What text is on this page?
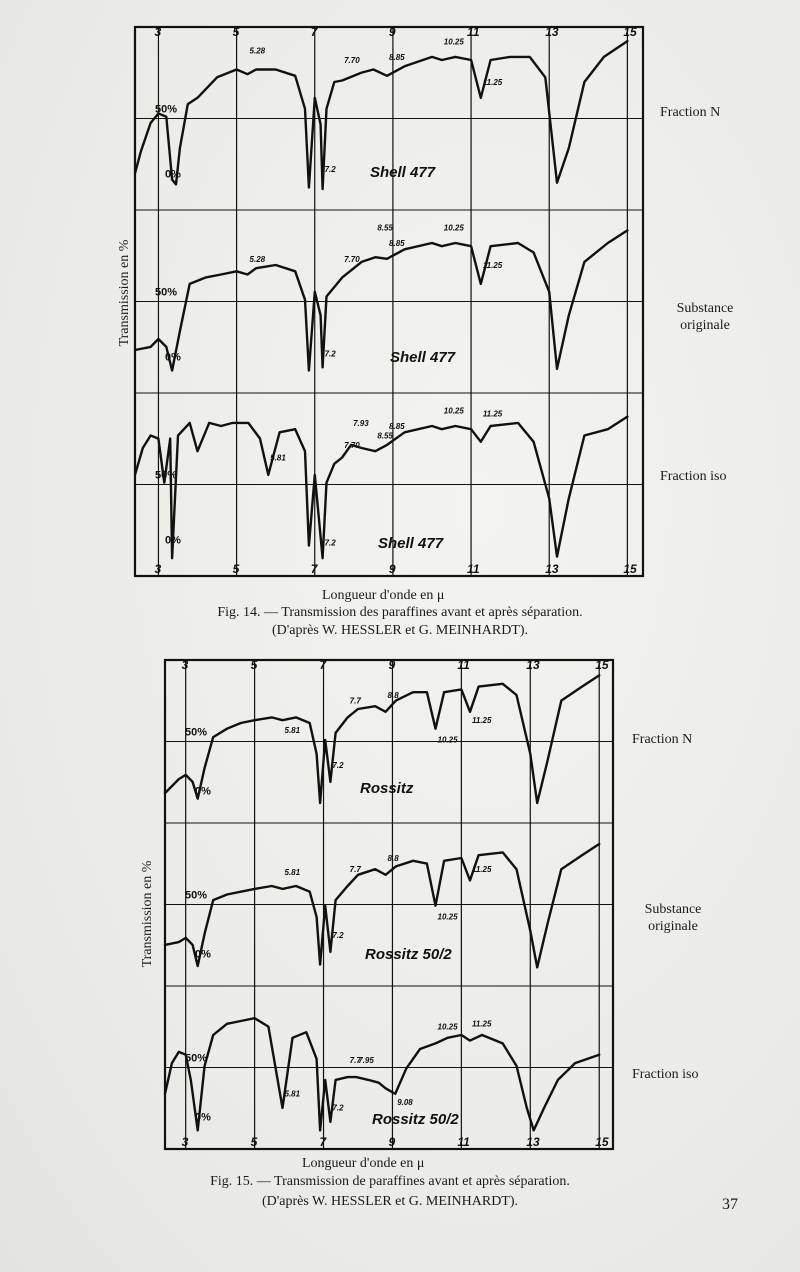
50%
0%
5.28
7.2
7.70	8.85
10.25
11.25
Shell 477
50%
0%
5.28
7.2
7.70
8.55
8.85
10.25
11.25
Shell 477
50%
0%
5.81
7.2
7.70
7.93
8.55
8.85
10.25 11.25
Shell 477
3	5	7	9	11	13	15
3	5	7	9	11	13	15
Transmission en %
Longueur d'onde en μ
Fraction N
Substance originale
Fraction iso
Fig. 14. — Transmission des paraffines avant et après séparation.
(D'après W. HESSLER et G. MEINHARDT).
50%
0%
5.81
7.2
7.7
8.8
10.25
11.25
Rossitz
50%
0%
5.81
7.2
7.7
8.8
10.25
11.25
Rossitz 50/2
50%
0%
5.81
7.2
7.7
7.95
9.08
10.25 11.25
Rossitz 50/2
3	5	7	9	11	13	15
3	5	7	9	11	13	15
Transmission en %
Longueur d'onde en μ
Fraction N
Substance originale
Fraction iso
Fig. 15. — Transmission de paraffines avant et après séparation.
(D'après W. HESSLER et G. MEINHARDT).	37
